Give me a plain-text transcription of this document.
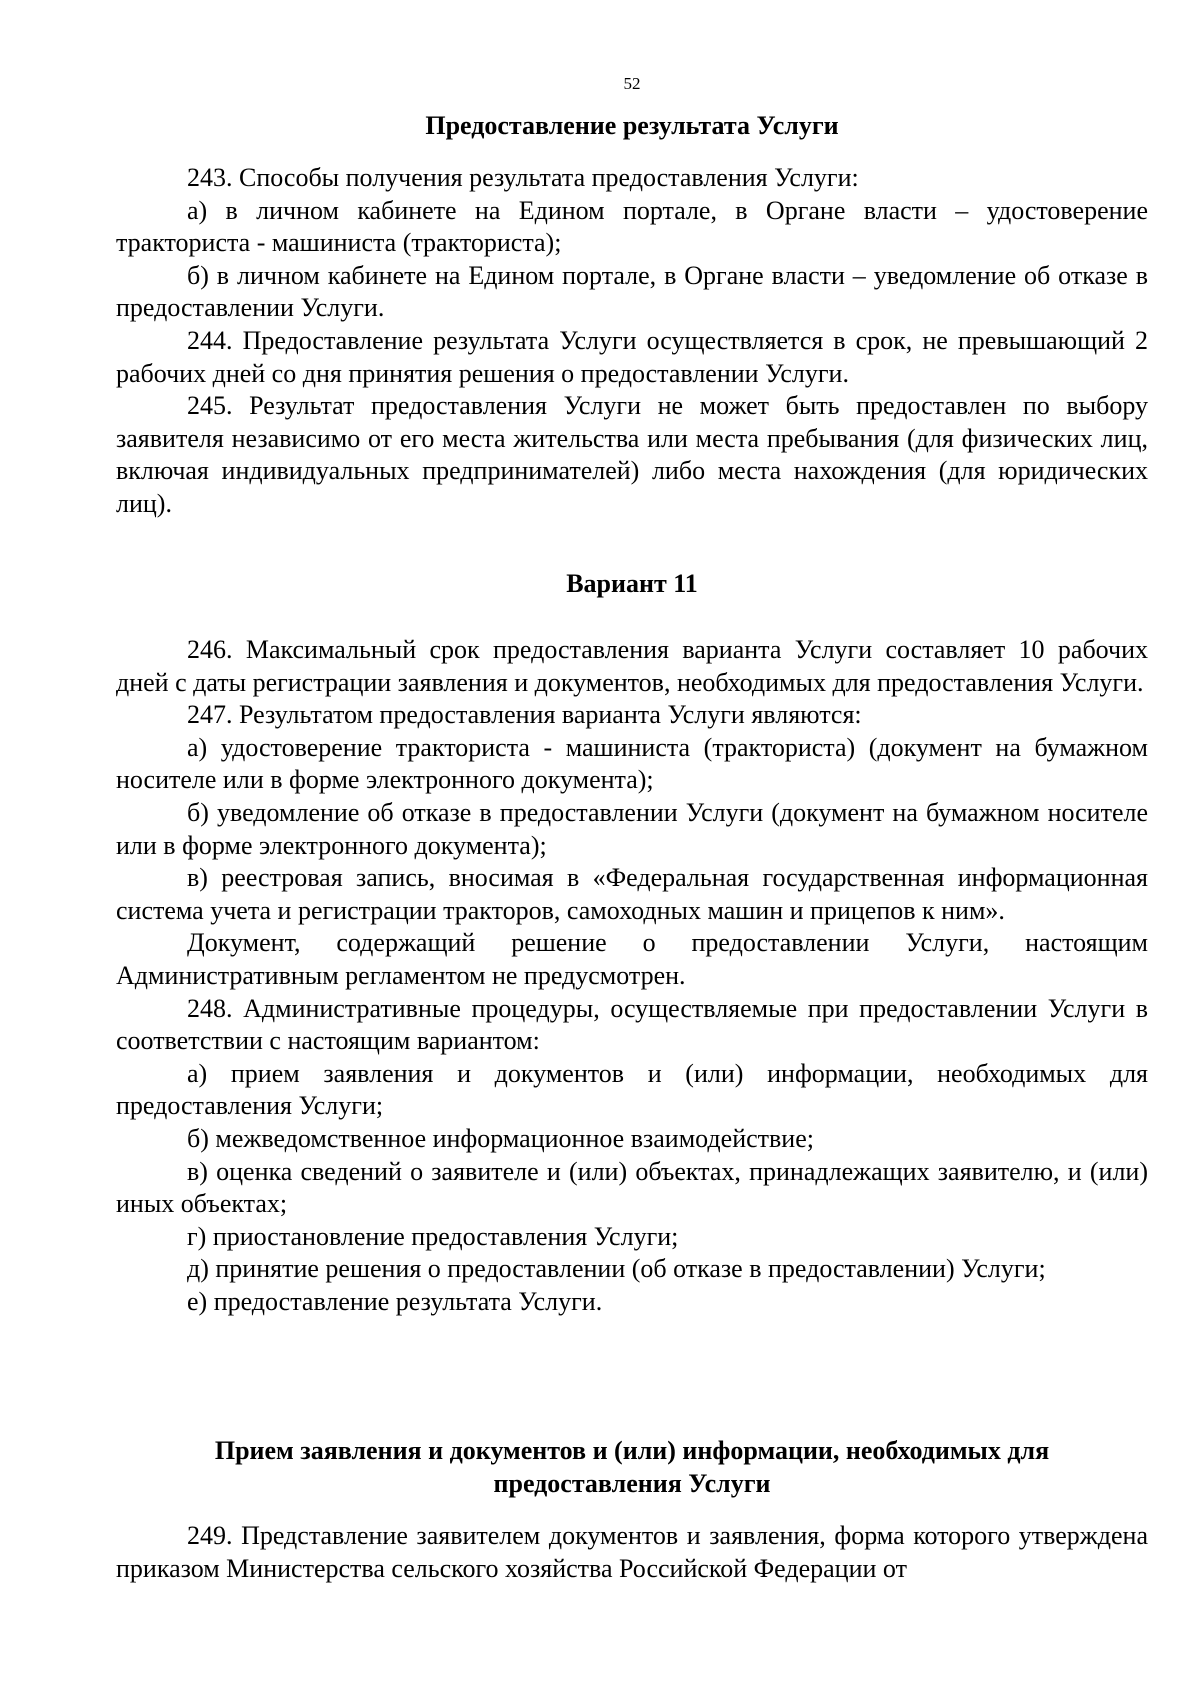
52
Предоставление результата Услуги

243. Способы получения результата предоставления Услуги:

а) в личном кабинете на Едином портале, в Органе власти – удостоверение тракториста - машиниста (тракториста);

б) в личном кабинете на Едином портале, в Органе власти – уведомление об отказе в предоставлении Услуги.

244. Предоставление результата Услуги осуществляется в срок, не превышающий 2 рабочих дней со дня принятия решения о предоставлении Услуги.

245. Результат предоставления Услуги не может быть предоставлен по выбору заявителя независимо от его места жительства или места пребывания (для физических лиц, включая индивидуальных предпринимателей) либо места нахождения (для юридических лиц).

Вариант 11

246. Максимальный срок предоставления варианта Услуги составляет 10 рабочих дней с даты регистрации заявления и документов, необходимых для предоставления Услуги.

247. Результатом предоставления варианта Услуги являются:

а) удостоверение тракториста - машиниста (тракториста) (документ на бумажном носителе или в форме электронного документа);

б) уведомление об отказе в предоставлении Услуги (документ на бумажном носителе или в форме электронного документа);

в) реестровая запись, вносимая в «Федеральная государственная информационная система учета и регистрации тракторов, самоходных машин и прицепов к ним».

Документ, содержащий решение о предоставлении Услуги, настоящим Административным регламентом не предусмотрен.

248. Административные процедуры, осуществляемые при предоставлении Услуги в соответствии с настоящим вариантом:

а) прием заявления и документов и (или) информации, необходимых для предоставления Услуги;

б) межведомственное информационное взаимодействие;

в) оценка сведений о заявителе и (или) объектах, принадлежащих заявителю, и (или) иных объектах;

г) приостановление предоставления Услуги;

д) принятие решения о предоставлении (об отказе в предоставлении) Услуги;

е) предоставление результата Услуги.

Прием заявления и документов и (или) информации, необходимых для
предоставления Услуги

249. Представление заявителем документов и заявления, форма которого утверждена приказом Министерства сельского хозяйства Российской Федерации от
